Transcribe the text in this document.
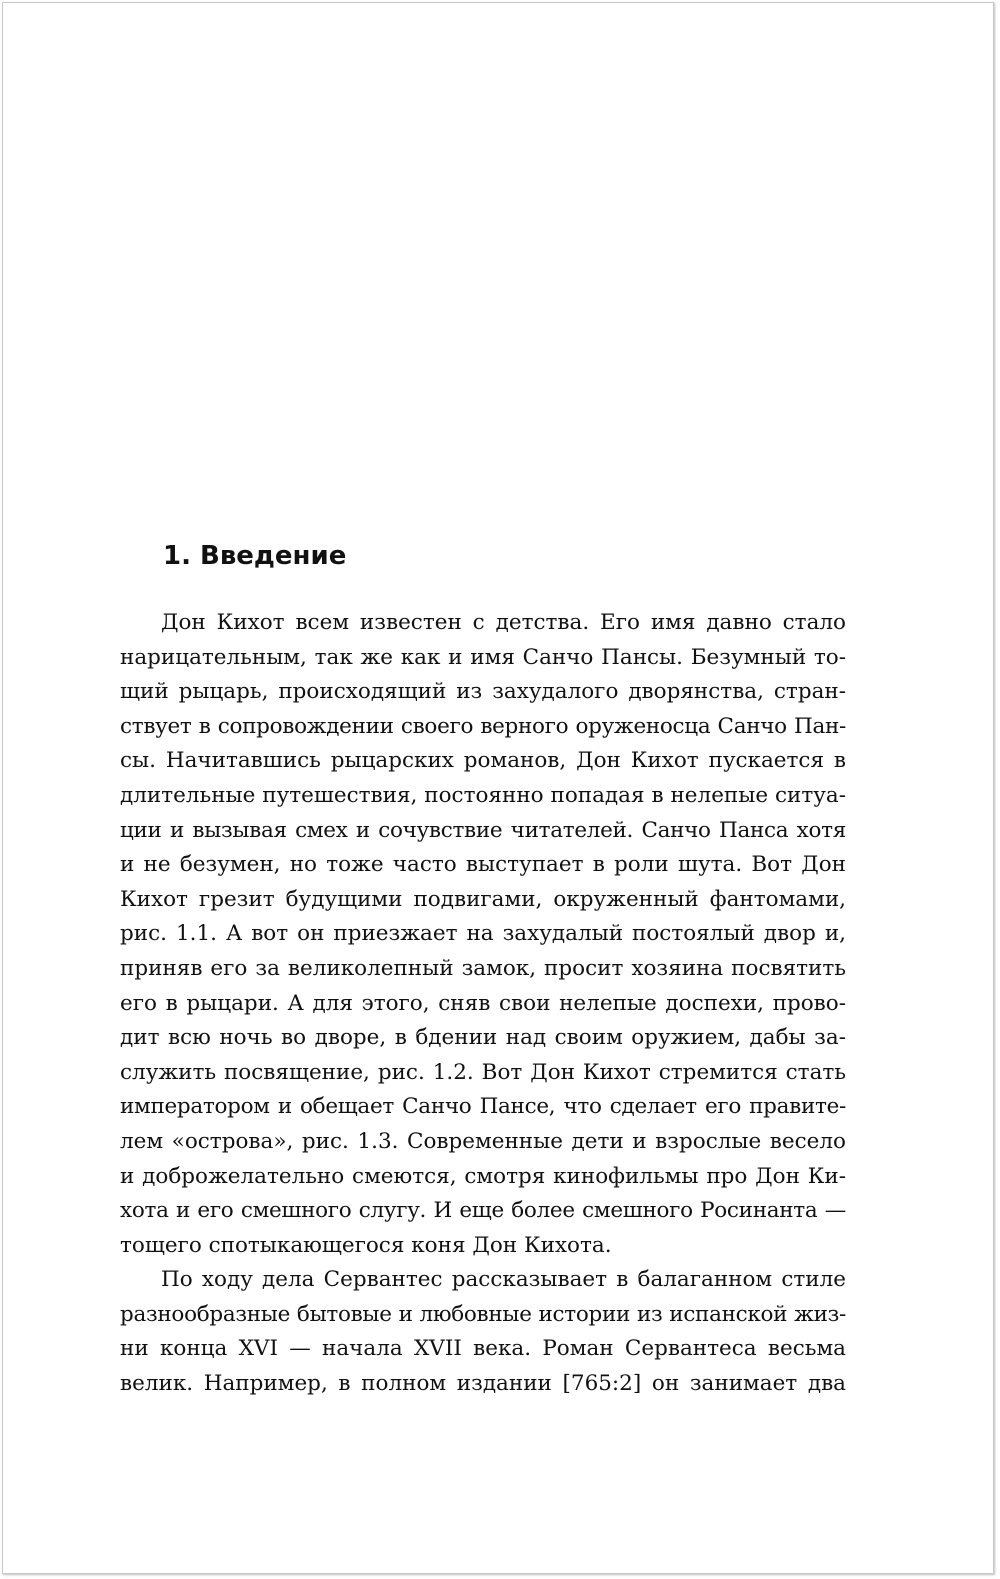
1. Введение
Дон Кихот всем известен с детства. Его имя давно стало
нарицательным, так же как и имя Санчо Пансы. Безумный то-
щий рыцарь, происходящий из захудалого дворянства, стран-
ствует в сопровождении своего верного оруженосца Санчо Пан-
сы. Начитавшись рыцарских романов, Дон Кихот пускается в
длительные путешествия, постоянно попадая в нелепые ситуа-
ции и вызывая смех и сочувствие читателей. Санчо Панса хотя
и не безумен, но тоже часто выступает в роли шута. Вот Дон
Кихот грезит будущими подвигами, окруженный фантомами,
рис. 1.1. А вот он приезжает на захудалый постоялый двор и,
приняв его за великолепный замок, просит хозяина посвятить
его в рыцари. А для этого, сняв свои нелепые доспехи, прово-
дит всю ночь во дворе, в бдении над своим оружием, дабы за-
служить посвящение, рис. 1.2. Вот Дон Кихот стремится стать
императором и обещает Санчо Пансе, что сделает его правите-
лем «острова», рис. 1.3. Современные дети и взрослые весело
и доброжелательно смеются, смотря кинофильмы про Дон Ки-
хота и его смешного слугу. И еще более смешного Росинанта —
тощего спотыкающегося коня Дон Кихота.
По ходу дела Сервантес рассказывает в балаганном стиле
разнообразные бытовые и любовные истории из испанской жиз-
ни конца XVI — начала XVII века. Роман Сервантеса весьма
велик. Например, в полном издании [765:2] он занимает два
